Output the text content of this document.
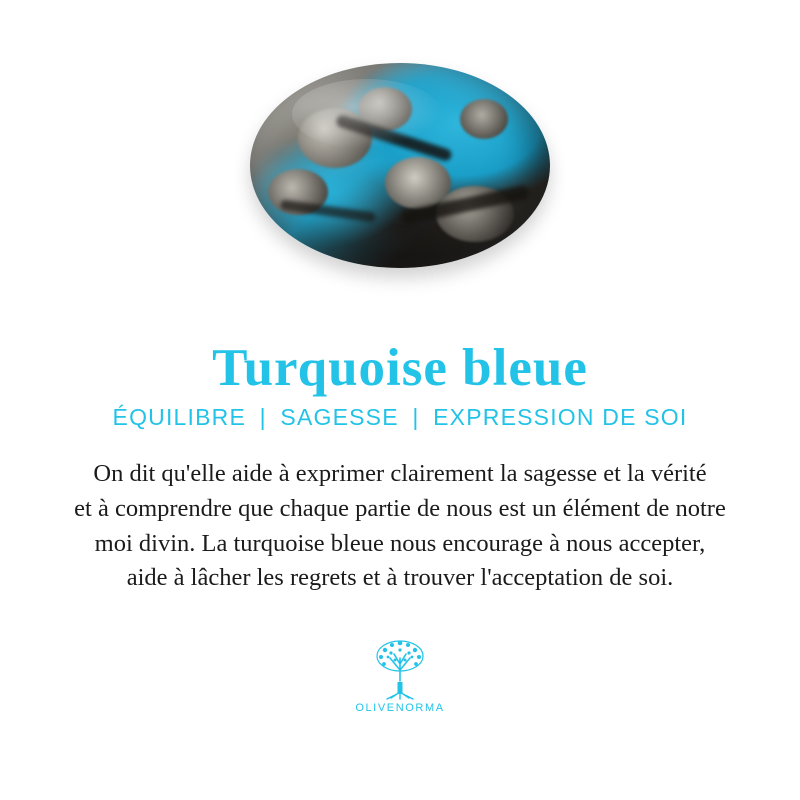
Turquoise bleue
ÉQUILIBRE | SAGESSE | EXPRESSION DE SOI
On dit qu'elle aide à exprimer clairement la sagesse et la vérité
et à comprendre que chaque partie de nous est un élément de notre
moi divin. La turquoise bleue nous encourage à nous accepter,
aide à lâcher les regrets et à trouver l'acceptation de soi.
OLIVENORMA
